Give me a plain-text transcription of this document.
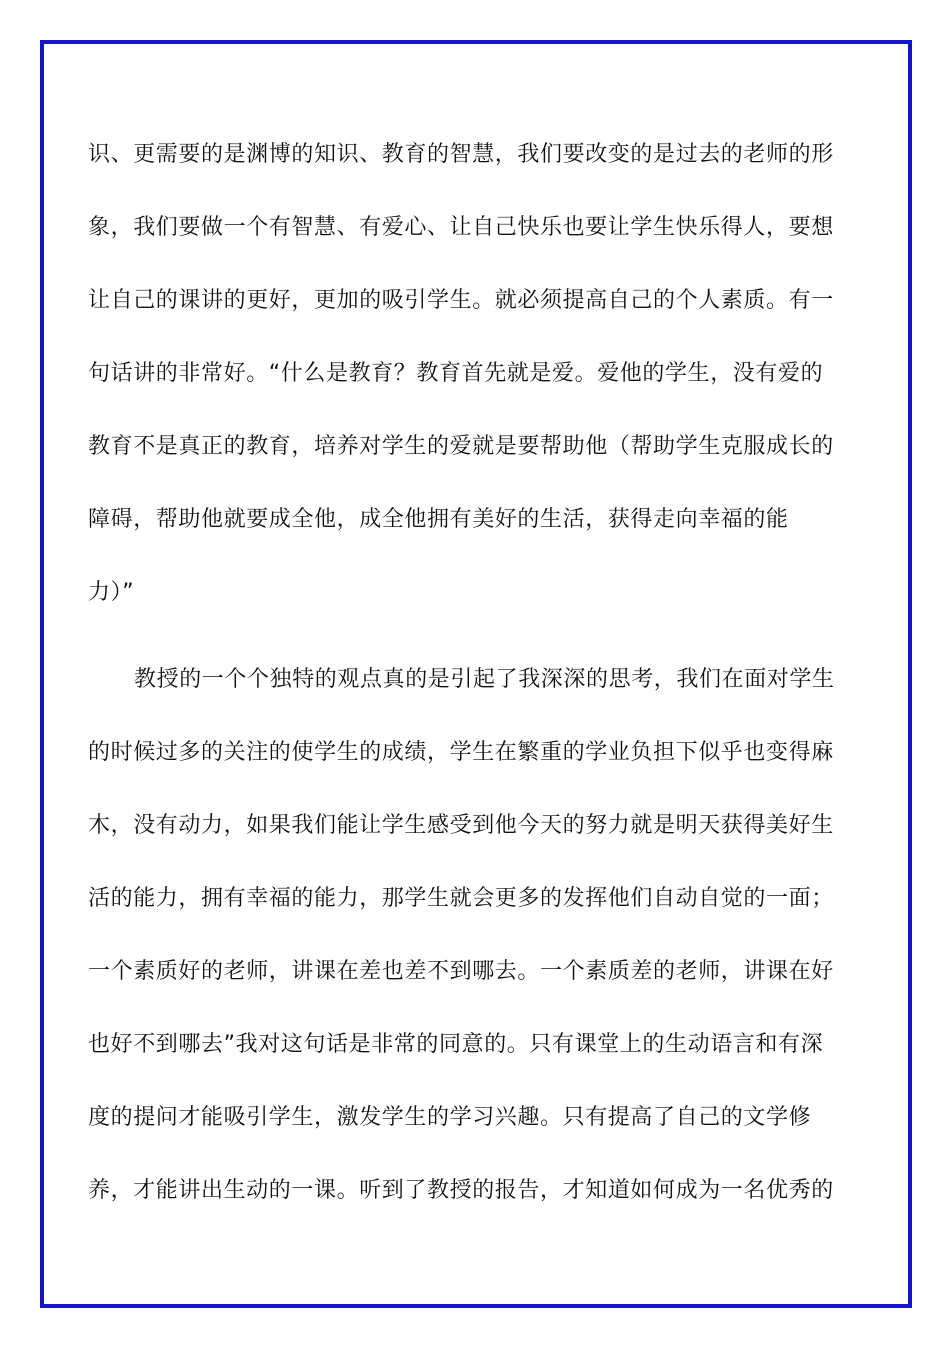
识、更需要的是渊博的知识、教育的智慧，我们要改变的是过去的老师的形
象，我们要做一个有智慧、有爱心、让自己快乐也要让学生快乐得人，要想
让自己的课讲的更好，更加的吸引学生。就必须提高自己的个人素质。有一
句话讲的非常好。“什么是教育？教育首先就是爱。爱他的学生，没有爱的
教育不是真正的教育，培养对学生的爱就是要帮助他（帮助学生克服成长的
障碍，帮助他就要成全他，成全他拥有美好的生活，获得走向幸福的能
力）”
教授的一个个独特的观点真的是引起了我深深的思考，我们在面对学生
的时候过多的关注的使学生的成绩，学生在繁重的学业负担下似乎也变得麻
木，没有动力，如果我们能让学生感受到他今天的努力就是明天获得美好生
活的能力，拥有幸福的能力，那学生就会更多的发挥他们自动自觉的一面；
一个素质好的老师，讲课在差也差不到哪去。一个素质差的老师，讲课在好
也好不到哪去”我对这句话是非常的同意的。只有课堂上的生动语言和有深
度的提问才能吸引学生，激发学生的学习兴趣。只有提高了自己的文学修
养，才能讲出生动的一课。听到了教授的报告，才知道如何成为一名优秀的
